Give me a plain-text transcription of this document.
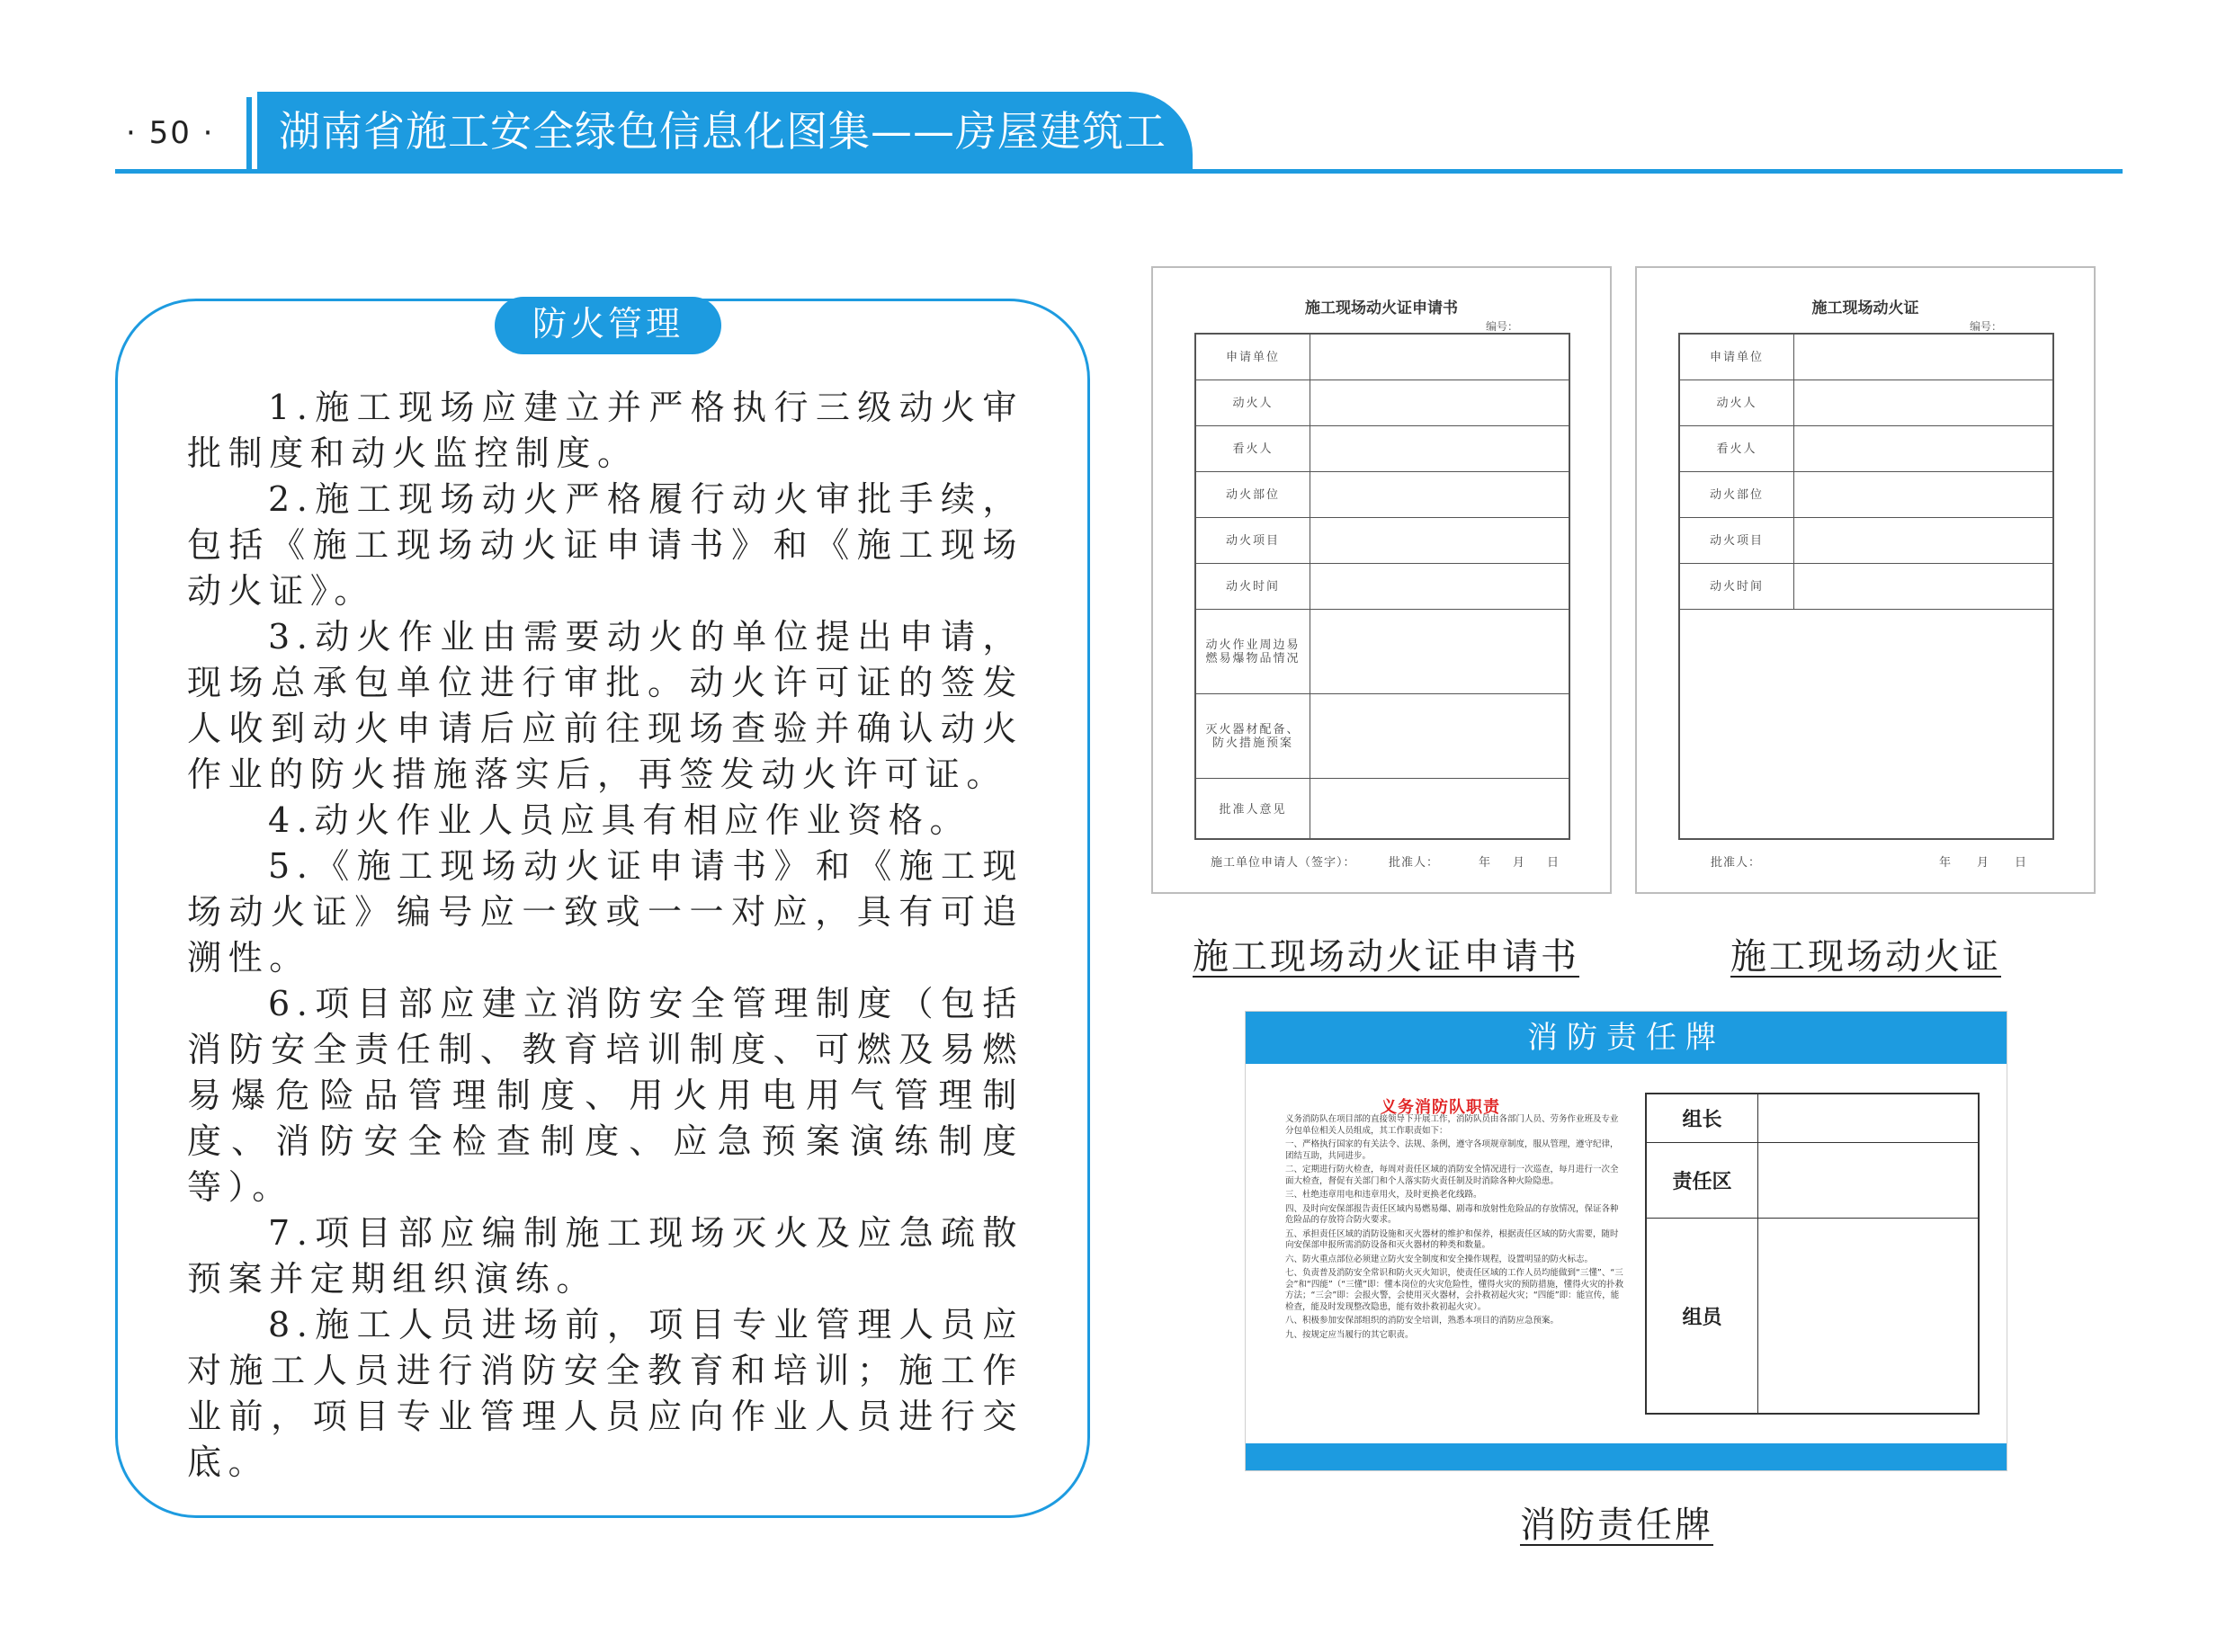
· 50 ·	湖南省施工安全绿色信息化图集——房屋建筑工程
防火管理

1.施工现场应建立并严格执行三级动火审批制度和动火监控制度。

2.施工现场动火严格履行动火审批手续，包括《施工现场动火证申请书》和《施工现场动火证》。

3.动火作业由需要动火的单位提出申请，现场总承包单位进行审批。动火许可证的签发人收到动火申请后应前往现场查验并确认动火作业的防火措施落实后，再签发动火许可证。

4.动火作业人员应具有相应作业资格。

5.《施工现场动火证申请书》和《施工现场动火证》编号应一致或一一对应，具有可追溯性。

6.项目部应建立消防安全管理制度（包括消防安全责任制、教育培训制度、可燃及易燃易爆危险品管理制度、用火用电用气管理制度、消防安全检查制度、应急预案演练制度等）。

7.项目部应编制施工现场灭火及应急疏散预案并定期组织演练。

8.施工人员进场前，项目专业管理人员应对施工人员进行消防安全教育和培训；施工作业前，项目专业管理人员应向作业人员进行交底。

施工现场动火证申请书
编号：
申请单位
动火人
看火人
动火部位
动火项目
动火时间
动火作业周边易燃易爆物品情况
灭火器材配备、防火措施预案
批准人意见
施工单位申请人（签字）：	批准人：	年 月 日
施工现场动火证
编号：
申请单位
动火人
看火人
动火部位
动火项目
动火时间
批准人：	年 月 日
施工现场动火证申请书	施工现场动火证
消防责任牌
义务消防队职责

义务消防队在项目部的直接领导下开展工作，消防队员由各部门人员、劳务作业班及专业分包单位相关人员组成，其工作职责如下：

一、严格执行国家的有关法令、法规、条例，遵守各项规章制度，服从管理，遵守纪律，团结互助，共同进步。

二、定期进行防火检查，每周对责任区域的消防安全情况进行一次巡查，每月进行一次全面大检查，督促有关部门和个人落实防火责任制及时消除各种火险隐患。

三、杜绝违章用电和违章用火，及时更换老化线路。

四、及时向安保部报告责任区域内易燃易爆、剧毒和放射性危险品的存放情况，保证各种危险品的存放符合防火要求。

五、承担责任区域的消防设施和灭火器材的维护和保养，根据责任区域的防火需要，随时向安保部申报所需消防设备和灭火器材的种类和数量。

六、防火重点部位必须建立防火安全制度和安全操作规程，设置明显的防火标志。

七、负责普及消防安全常识和防火灭火知识，使责任区域的工作人员均能做到“三懂”、“三会”和“四能”（“三懂”即：懂本岗位的火灾危险性，懂得火灾的预防措施，懂得火灾的扑救方法；“三会”即：会报火警，会使用灭火器材，会扑救初起火灾；“四能”即：能宣传，能检查，能及时发现整改隐患，能有效扑救初起火灾）。

八、积极参加安保部组织的消防安全培训，熟悉本项目的消防应急预案。

九、按规定应当履行的其它职责。

组长
责任区
组员
消防责任牌
